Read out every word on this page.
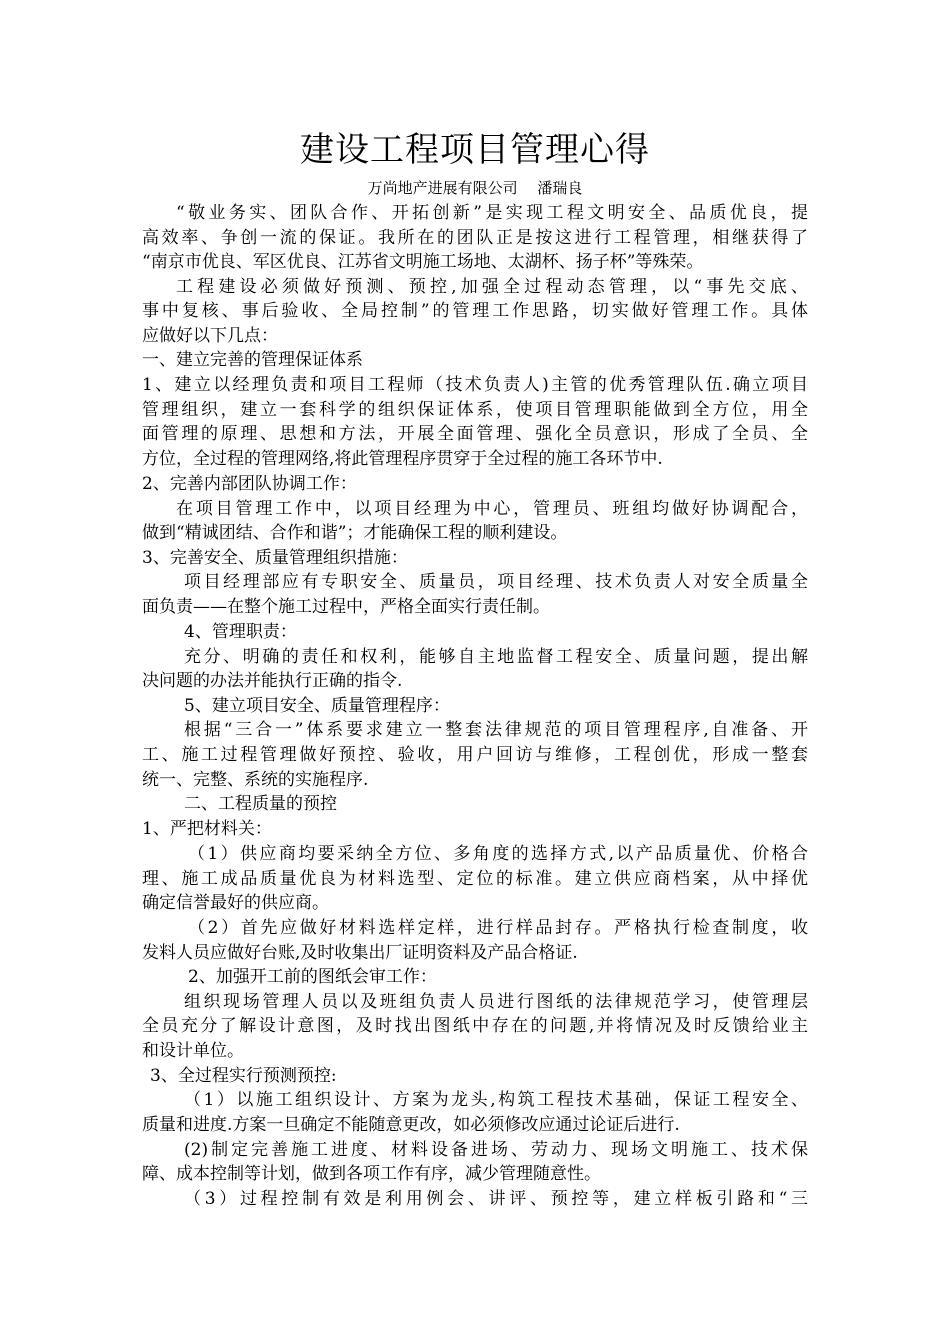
建设工程项目管理心得
万尚地产进展有限公司　 潘瑞良
“敬业务实、团队合作、开拓创新”是实现工程文明安全、品质优良，提
高效率、争创一流的保证。我所在的团队正是按这进行工程管理，相继获得了
“南京市优良、军区优良、江苏省文明施工场地、太湖杯、扬子杯”等殊荣。
工程建设必须做好预测、预控,加强全过程动态管理，以“事先交底、
事中复核、事后验收、全局控制”的管理工作思路，切实做好管理工作。具体
应做好以下几点：
一、建立完善的管理保证体系
1、建立以经理负责和项目工程师（技术负责人)主管的优秀管理队伍.确立项目
管理组织，建立一套科学的组织保证体系，使项目管理职能做到全方位，用全
面管理的原理、思想和方法，开展全面管理、强化全员意识，形成了全员、全
方位，全过程的管理网络,将此管理程序贯穿于全过程的施工各环节中.
2、完善内部团队协调工作：
在项目管理工作中，以项目经理为中心，管理员、班组均做好协调配合，
做到“精诚团结、合作和谐”；才能确保工程的顺利建设。
3、完善安全、质量管理组织措施：
项目经理部应有专职安全、质量员，项目经理、技术负责人对安全质量全
面负责——在整个施工过程中，严格全面实行责任制。
4、管理职责：
充分、明确的责任和权利，能够自主地监督工程安全、质量问题，提出解
决问题的办法并能执行正确的指令.
5、建立项目安全、质量管理程序：
根据“三合一”体系要求建立一整套法律规范的项目管理程序,自准备、开
工、施工过程管理做好预控、验收，用户回访与维修，工程创优，形成一整套
统一、完整、系统的实施程序.
二、工程质量的预控
1、严把材料关：
（1）供应商均要采纳全方位、多角度的选择方式,以产品质量优、价格合
理、施工成品质量优良为材料选型、定位的标准。建立供应商档案，从中择优
确定信誉最好的供应商。
（2）首先应做好材料选样定样，进行样品封存。严格执行检查制度，收
发料人员应做好台账,及时收集出厂证明资料及产品合格证.
2、加强开工前的图纸会审工作：
组织现场管理人员以及班组负责人员进行图纸的法律规范学习，使管理层
全员充分了解设计意图，及时找出图纸中存在的问题,并将情况及时反馈给业主
和设计单位。
3、全过程实行预测预控:
（1）以施工组织设计、方案为龙头,构筑工程技术基础，保证工程安全、
质量和进度.方案一旦确定不能随意更改，如必须修改应通过论证后进行.
(2)制定完善施工进度、材料设备进场、劳动力、现场文明施工、技术保
障、成本控制等计划，做到各项工作有序，减少管理随意性。
（3）过程控制有效是利用例会、讲评、预控等，建立样板引路和“三
